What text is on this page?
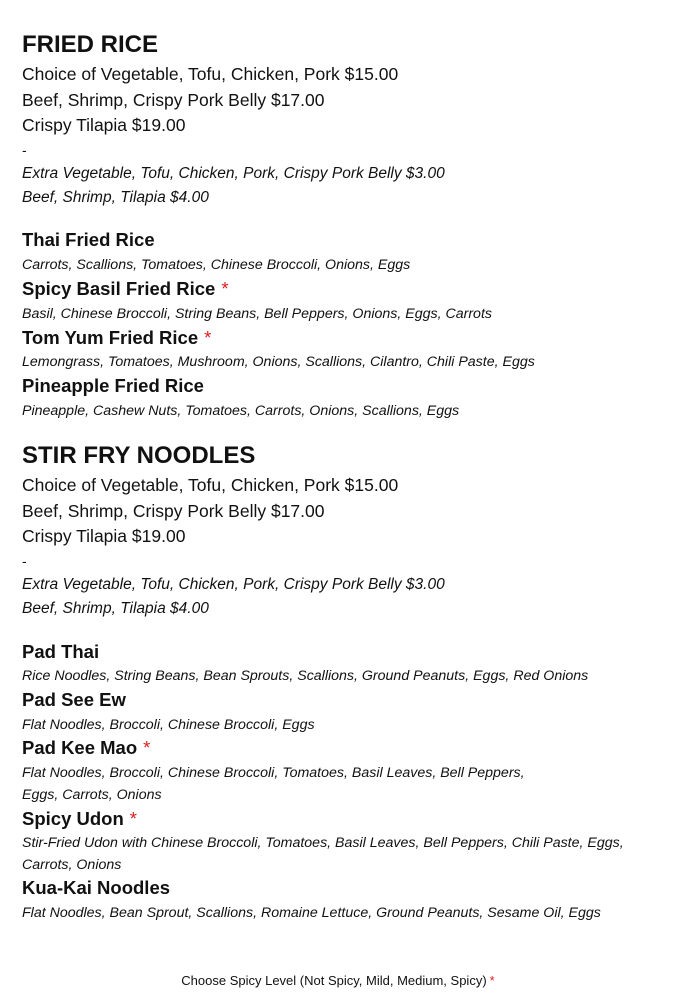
FRIED RICE
Choice of Vegetable, Tofu, Chicken, Pork $15.00
Beef, Shrimp, Crispy Pork Belly $17.00
Crispy Tilapia $19.00
-
Extra Vegetable, Tofu, Chicken, Pork, Crispy Pork Belly $3.00
Beef, Shrimp, Tilapia $4.00
Thai Fried Rice
Carrots, Scallions, Tomatoes, Chinese Broccoli, Onions, Eggs
Spicy Basil Fried Rice *
Basil, Chinese Broccoli, String Beans, Bell Peppers, Onions, Eggs, Carrots
Tom Yum Fried Rice *
Lemongrass, Tomatoes, Mushroom, Onions, Scallions, Cilantro, Chili Paste, Eggs
Pineapple Fried Rice
Pineapple, Cashew Nuts, Tomatoes, Carrots, Onions, Scallions, Eggs
STIR FRY NOODLES
Choice of Vegetable, Tofu, Chicken, Pork $15.00
Beef, Shrimp, Crispy Pork Belly $17.00
Crispy Tilapia $19.00
-
Extra Vegetable, Tofu, Chicken, Pork, Crispy Pork Belly $3.00
Beef, Shrimp, Tilapia $4.00
Pad Thai
Rice Noodles, String Beans, Bean Sprouts, Scallions, Ground Peanuts, Eggs, Red Onions
Pad See Ew
Flat Noodles, Broccoli, Chinese Broccoli, Eggs
Pad Kee Mao *
Flat Noodles, Broccoli, Chinese Broccoli, Tomatoes, Basil Leaves, Bell Peppers,
Eggs, Carrots, Onions
Spicy Udon *
Stir-Fried Udon with Chinese Broccoli, Tomatoes, Basil Leaves, Bell Peppers, Chili Paste, Eggs,
Carrots, Onions
Kua-Kai Noodles
Flat Noodles, Bean Sprout, Scallions, Romaine Lettuce, Ground Peanuts, Sesame Oil, Eggs
Choose Spicy Level (Not Spicy, Mild, Medium, Spicy) *
